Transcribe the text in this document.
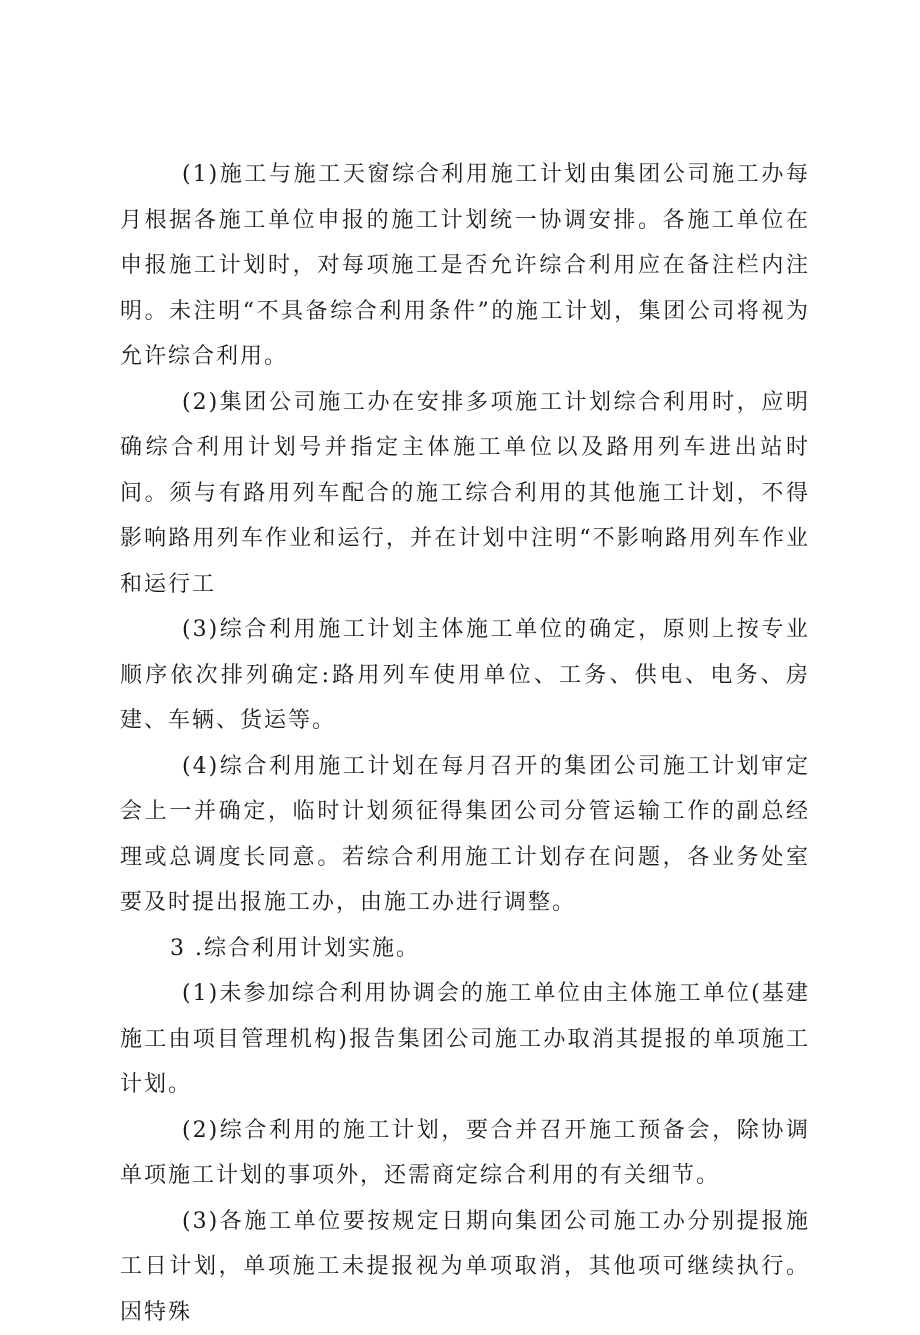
(1)施工与施工天窗综合利用施工计划由集团公司施工办每月根据各施工单位申报的施工计划统一协调安排。各施工单位在申报施工计划时，对每项施工是否允许综合利用应在备注栏内注明。未注明“不具备综合利用条件”的施工计划，集团公司将视为允许综合利用。

(2)集团公司施工办在安排多项施工计划综合利用时，应明确综合利用计划号并指定主体施工单位以及路用列车进出站时间。须与有路用列车配合的施工综合利用的其他施工计划，不得影响路用列车作业和运行，并在计划中注明“不影响路用列车作业和运行工

(3)综合利用施工计划主体施工单位的确定，原则上按专业顺序依次排列确定:路用列车使用单位、工务、供电、电务、房建、车辆、货运等。

(4)综合利用施工计划在每月召开的集团公司施工计划审定会上一并确定，临时计划须征得集团公司分管运输工作的副总经理或总调度长同意。若综合利用施工计划存在问题，各业务处室要及时提出报施工办，由施工办进行调整。

3 .综合利用计划实施。

(1)未参加综合利用协调会的施工单位由主体施工单位(基建施工由项目管理机构)报告集团公司施工办取消其提报的单项施工计划。

(2)综合利用的施工计划，要合并召开施工预备会，除协调单项施工计划的事项外，还需商定综合利用的有关细节。

(3)各施工单位要按规定日期向集团公司施工办分别提报施工日计划，单项施工未提报视为单项取消，其他项可继续执行。因特殊
